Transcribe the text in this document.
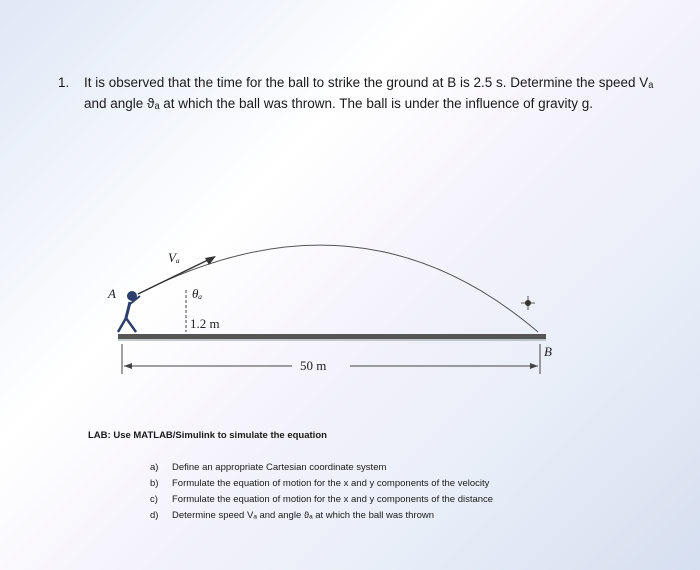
1. It is observed that the time for the ball to strike the ground at B is 2.5 s. Determine the speed Vₐ and angle ϑₐ at which the ball was thrown. The ball is under the influence of gravity g.
Vₐ
A	θₐ
1.2 m
B
50 m
LAB: Use MATLAB/Simulink to simulate the equation
a) Define an appropriate Cartesian coordinate system
b) Formulate the equation of motion for the x and y components of the velocity
c) Formulate the equation of motion for the x and y components of the distance
d) Determine speed Vₐ and angle ϑₐ at which the ball was thrown
